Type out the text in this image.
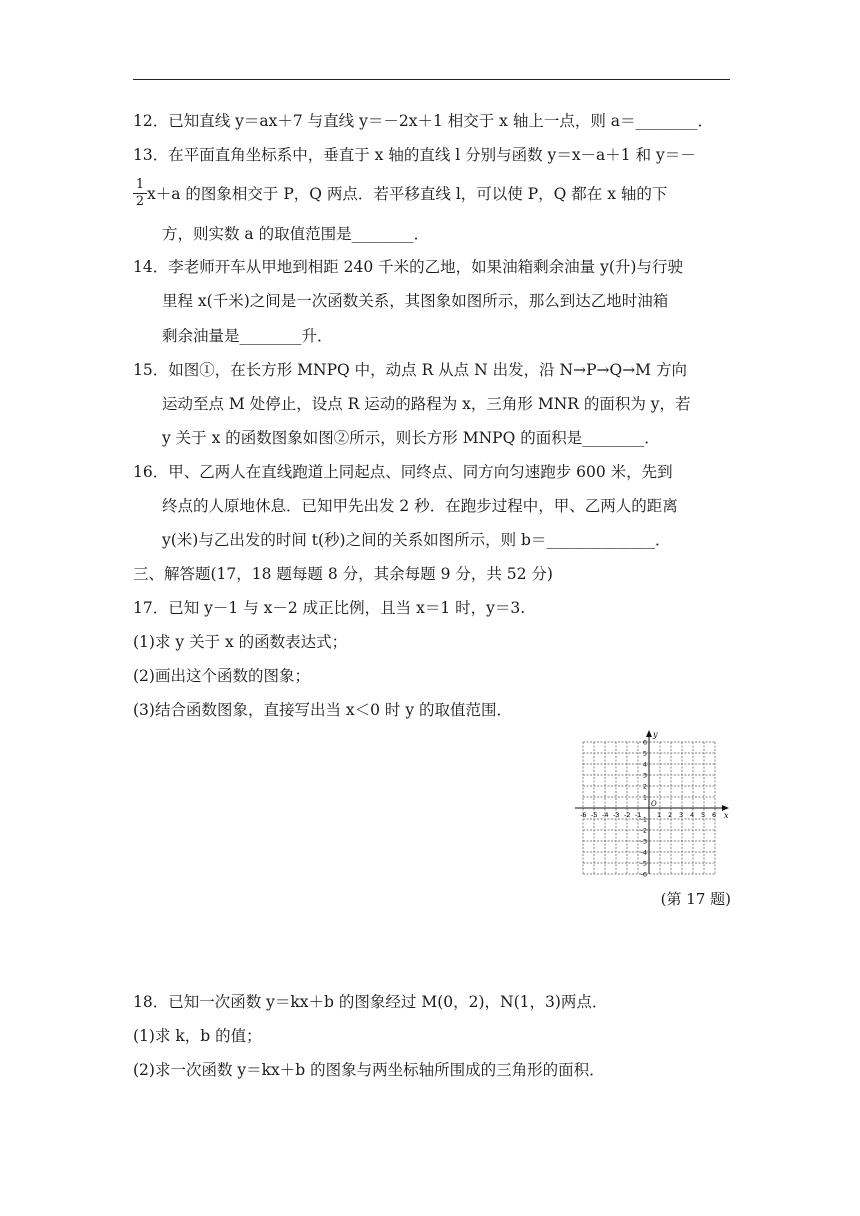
12．已知直线 y＝ax＋7 与直线 y＝－2x＋1 相交于 x 轴上一点，则 a＝________．
13．在平面直角坐标系中，垂直于 x 轴的直线 l 分别与函数 y＝x－a＋1 和 y＝－
1
2 x＋a 的图象相交于 P，Q 两点．若平移直线 l，可以使 P，Q 都在 x 轴的下
方，则实数 a 的取值范围是________．
14．李老师开车从甲地到相距 240 千米的乙地，如果油箱剩余油量 y(升)与行驶
里程 x(千米)之间是一次函数关系，其图象如图所示，那么到达乙地时油箱
剩余油量是________升．
15．如图①，在长方形 MNPQ 中，动点 R 从点 N 出发，沿 N→P→Q→M 方向
运动至点 M 处停止，设点 R 运动的路程为 x，三角形 MNR 的面积为 y，若
y 关于 x 的函数图象如图②所示，则长方形 MNPQ 的面积是________．
16．甲、乙两人在直线跑道上同起点、同终点、同方向匀速跑步 600 米，先到
终点的人原地休息．已知甲先出发 2 秒．在跑步过程中，甲、乙两人的距离
y(米)与乙出发的时间 t(秒)之间的关系如图所示，则 b＝______________．
三、解答题(17，18 题每题 8 分，其余每题 9 分，共 52 分)
17．已知 y－1 与 x－2 成正比例，且当 x＝1 时，y＝3.
(1)求 y 关于 x 的函数表达式；
(2)画出这个函数的图象；
(3)结合函数图象，直接写出当 x＜0 时 y 的取值范围．
x
y
O
-6 -5 -4 -3 -2 -1 1 2 3 4 5 6
6
5
4
3
2
1
-1
-2
-3
-4
-5
-6
(第 17 题)
18．已知一次函数 y＝kx＋b 的图象经过 M(0，2)，N(1，3)两点．
(1)求 k，b 的值；
(2)求一次函数 y＝kx＋b 的图象与两坐标轴所围成的三角形的面积．
